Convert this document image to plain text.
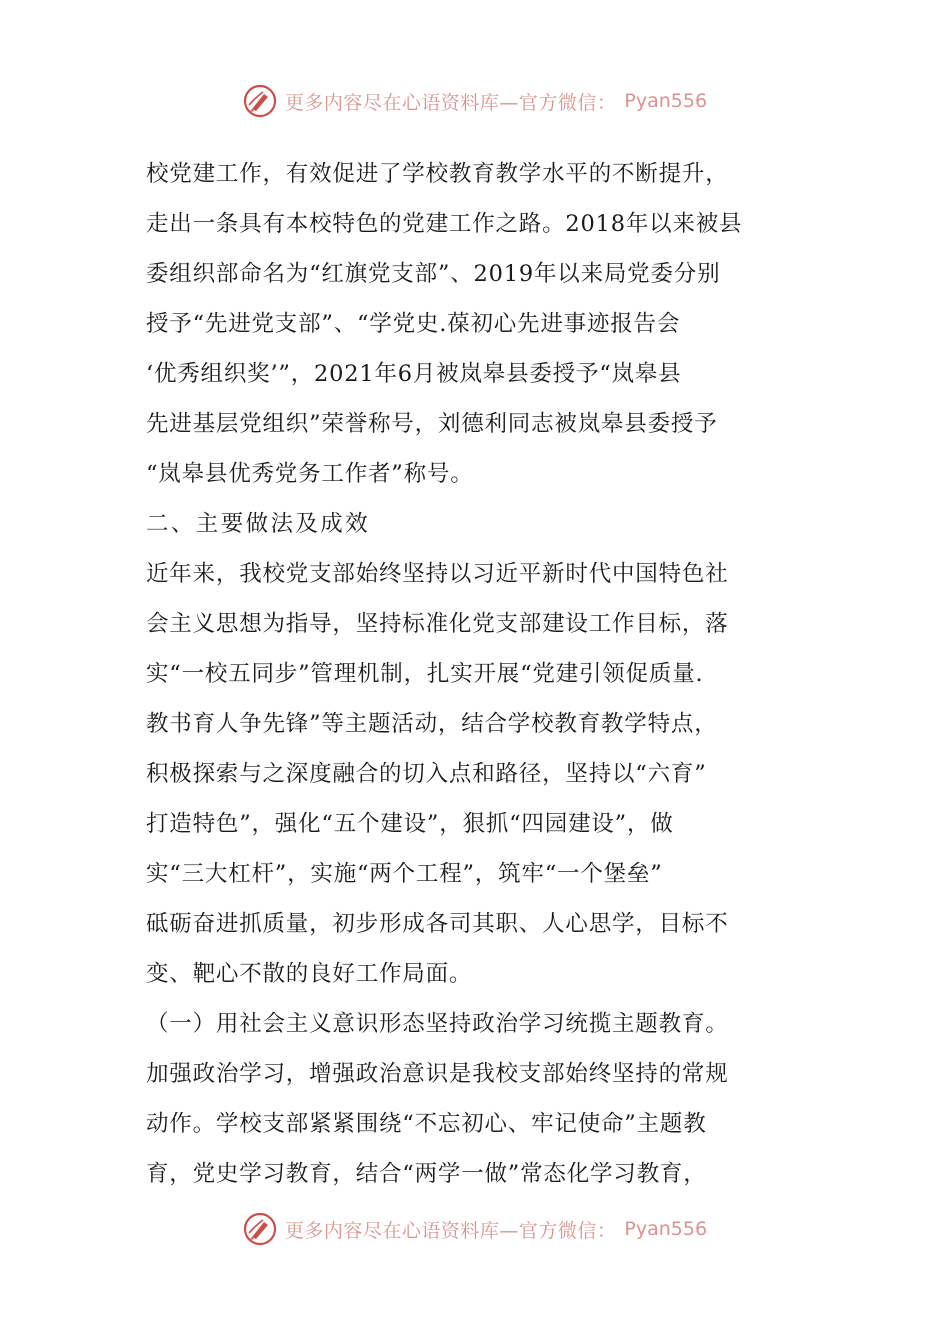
更多内容尽在心语资料库—官方微信： Pyan556
校党建工作，有效促进了学校教育教学水平的不断提升，
走出一条具有本校特色的党建工作之路。2018年以来被县
委组织部命名为“红旗党支部”、2019年以来局党委分别
授予“先进党支部”、“学党史.葆初心先进事迹报告会
‘优秀组织奖’”，2021年6月被岚皋县委授予“岚皋县
先进基层党组织”荣誉称号，刘德利同志被岚皋县委授予
“岚皋县优秀党务工作者”称号。
二、主要做法及成效
近年来，我校党支部始终坚持以习近平新时代中国特色社
会主义思想为指导，坚持标准化党支部建设工作目标，落
实“一校五同步”管理机制，扎实开展“党建引领促质量.
教书育人争先锋”等主题活动，结合学校教育教学特点，
积极探索与之深度融合的切入点和路径，坚持以“六育”
打造特色”，强化“五个建设”，狠抓“四园建设”，做
实“三大杠杆”，实施“两个工程”，筑牢“一个堡垒”
砥砺奋进抓质量，初步形成各司其职、人心思学，目标不
变、靶心不散的良好工作局面。
（一）用社会主义意识形态坚持政治学习统揽主题教育。
加强政治学习，增强政治意识是我校支部始终坚持的常规
动作。学校支部紧紧围绕“不忘初心、牢记使命”主题教
育，党史学习教育，结合“两学一做”常态化学习教育，
更多内容尽在心语资料库—官方微信： Pyan556
